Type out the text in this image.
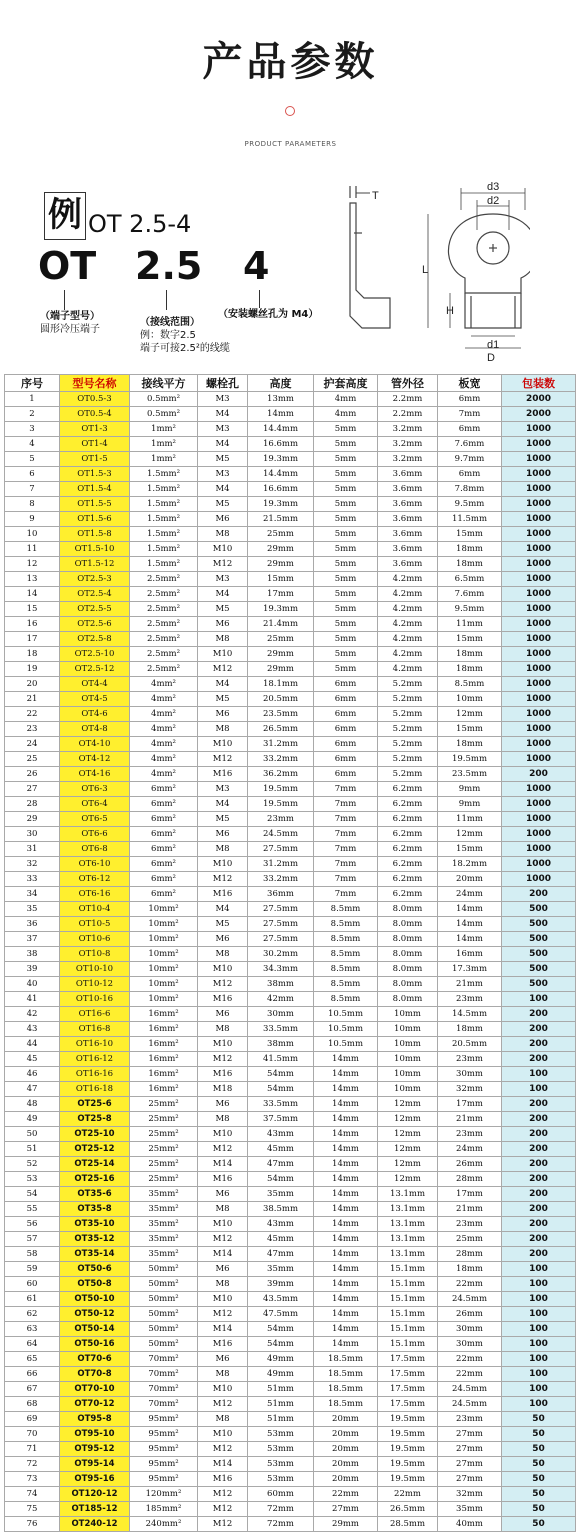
产品参数
PRODUCT PARAMETERS
例 OT 2.5-4
OT 2.5 4
（端子型号）
圆形冷压端子
（接线范围）
例：数字2.5
端子可接2.5²的线缆
（安装螺丝孔为 M4）
T
d3
d2
L
H
d1
D
序号	型号名称	接线平方	螺栓孔	高度	护套高度	管外径	板宽	包装数
1	OT0.5-3	0.5mm²	M3	13mm	4mm	2.2mm	6mm	2000
2	OT0.5-4	0.5mm²	M4	14mm	4mm	2.2mm	7mm	2000
3	OT1-3	1mm²	M3	14.4mm	5mm	3.2mm	6mm	1000
4	OT1-4	1mm²	M4	16.6mm	5mm	3.2mm	7.6mm	1000
5	OT1-5	1mm²	M5	19.3mm	5mm	3.2mm	9.7mm	1000
6	OT1.5-3	1.5mm²	M3	14.4mm	5mm	3.6mm	6mm	1000
7	OT1.5-4	1.5mm²	M4	16.6mm	5mm	3.6mm	7.8mm	1000
8	OT1.5-5	1.5mm²	M5	19.3mm	5mm	3.6mm	9.5mm	1000
9	OT1.5-6	1.5mm²	M6	21.5mm	5mm	3.6mm	11.5mm	1000
10	OT1.5-8	1.5mm²	M8	25mm	5mm	3.6mm	15mm	1000
11	OT1.5-10	1.5mm²	M10	29mm	5mm	3.6mm	18mm	1000
12	OT1.5-12	1.5mm²	M12	29mm	5mm	3.6mm	18mm	1000
13	OT2.5-3	2.5mm²	M3	15mm	5mm	4.2mm	6.5mm	1000
14	OT2.5-4	2.5mm²	M4	17mm	5mm	4.2mm	7.6mm	1000
15	OT2.5-5	2.5mm²	M5	19.3mm	5mm	4.2mm	9.5mm	1000
16	OT2.5-6	2.5mm²	M6	21.4mm	5mm	4.2mm	11mm	1000
17	OT2.5-8	2.5mm²	M8	25mm	5mm	4.2mm	15mm	1000
18	OT2.5-10	2.5mm²	M10	29mm	5mm	4.2mm	18mm	1000
19	OT2.5-12	2.5mm²	M12	29mm	5mm	4.2mm	18mm	1000
20	OT4-4	4mm²	M4	18.1mm	6mm	5.2mm	8.5mm	1000
21	OT4-5	4mm²	M5	20.5mm	6mm	5.2mm	10mm	1000
22	OT4-6	4mm²	M6	23.5mm	6mm	5.2mm	12mm	1000
23	OT4-8	4mm²	M8	26.5mm	6mm	5.2mm	15mm	1000
24	OT4-10	4mm²	M10	31.2mm	6mm	5.2mm	18mm	1000
25	OT4-12	4mm²	M12	33.2mm	6mm	5.2mm	19.5mm	1000
26	OT4-16	4mm²	M16	36.2mm	6mm	5.2mm	23.5mm	200
27	OT6-3	6mm²	M3	19.5mm	7mm	6.2mm	9mm	1000
28	OT6-4	6mm²	M4	19.5mm	7mm	6.2mm	9mm	1000
29	OT6-5	6mm²	M5	23mm	7mm	6.2mm	11mm	1000
30	OT6-6	6mm²	M6	24.5mm	7mm	6.2mm	12mm	1000
31	OT6-8	6mm²	M8	27.5mm	7mm	6.2mm	15mm	1000
32	OT6-10	6mm²	M10	31.2mm	7mm	6.2mm	18.2mm	1000
33	OT6-12	6mm²	M12	33.2mm	7mm	6.2mm	20mm	1000
34	OT6-16	6mm²	M16	36mm	7mm	6.2mm	24mm	200
35	OT10-4	10mm²	M4	27.5mm	8.5mm	8.0mm	14mm	500
36	OT10-5	10mm²	M5	27.5mm	8.5mm	8.0mm	14mm	500
37	OT10-6	10mm²	M6	27.5mm	8.5mm	8.0mm	14mm	500
38	OT10-8	10mm²	M8	30.2mm	8.5mm	8.0mm	16mm	500
39	OT10-10	10mm²	M10	34.3mm	8.5mm	8.0mm	17.3mm	500
40	OT10-12	10mm²	M12	38mm	8.5mm	8.0mm	21mm	500
41	OT10-16	10mm²	M16	42mm	8.5mm	8.0mm	23mm	100
42	OT16-6	16mm²	M6	30mm	10.5mm	10mm	14.5mm	200
43	OT16-8	16mm²	M8	33.5mm	10.5mm	10mm	18mm	200
44	OT16-10	16mm²	M10	38mm	10.5mm	10mm	20.5mm	200
45	OT16-12	16mm²	M12	41.5mm	14mm	10mm	23mm	200
46	OT16-16	16mm²	M16	54mm	14mm	10mm	30mm	100
47	OT16-18	16mm²	M18	54mm	14mm	10mm	32mm	100
48	OT25-6	25mm²	M6	33.5mm	14mm	12mm	17mm	200
49	OT25-8	25mm²	M8	37.5mm	14mm	12mm	21mm	200
50	OT25-10	25mm²	M10	43mm	14mm	12mm	23mm	200
51	OT25-12	25mm²	M12	45mm	14mm	12mm	24mm	200
52	OT25-14	25mm²	M14	47mm	14mm	12mm	26mm	200
53	OT25-16	25mm²	M16	54mm	14mm	12mm	28mm	200
54	OT35-6	35mm²	M6	35mm	14mm	13.1mm	17mm	200
55	OT35-8	35mm²	M8	38.5mm	14mm	13.1mm	21mm	200
56	OT35-10	35mm²	M10	43mm	14mm	13.1mm	23mm	200
57	OT35-12	35mm²	M12	45mm	14mm	13.1mm	25mm	200
58	OT35-14	35mm²	M14	47mm	14mm	13.1mm	28mm	200
59	OT50-6	50mm²	M6	35mm	14mm	15.1mm	18mm	100
60	OT50-8	50mm²	M8	39mm	14mm	15.1mm	22mm	100
61	OT50-10	50mm²	M10	43.5mm	14mm	15.1mm	24.5mm	100
62	OT50-12	50mm²	M12	47.5mm	14mm	15.1mm	26mm	100
63	OT50-14	50mm²	M14	54mm	14mm	15.1mm	30mm	100
64	OT50-16	50mm²	M16	54mm	14mm	15.1mm	30mm	100
65	OT70-6	70mm²	M6	49mm	18.5mm	17.5mm	22mm	100
66	OT70-8	70mm²	M8	49mm	18.5mm	17.5mm	22mm	100
67	OT70-10	70mm²	M10	51mm	18.5mm	17.5mm	24.5mm	100
68	OT70-12	70mm²	M12	51mm	18.5mm	17.5mm	24.5mm	100
69	OT95-8	95mm²	M8	51mm	20mm	19.5mm	23mm	50
70	OT95-10	95mm²	M10	53mm	20mm	19.5mm	27mm	50
71	OT95-12	95mm²	M12	53mm	20mm	19.5mm	27mm	50
72	OT95-14	95mm²	M14	53mm	20mm	19.5mm	27mm	50
73	OT95-16	95mm²	M16	53mm	20mm	19.5mm	27mm	50
74	OT120-12	120mm²	M12	60mm	22mm	22mm	32mm	50
75	OT185-12	185mm²	M12	72mm	27mm	26.5mm	35mm	50
76	OT240-12	240mm²	M12	72mm	29mm	28.5mm	40mm	50
